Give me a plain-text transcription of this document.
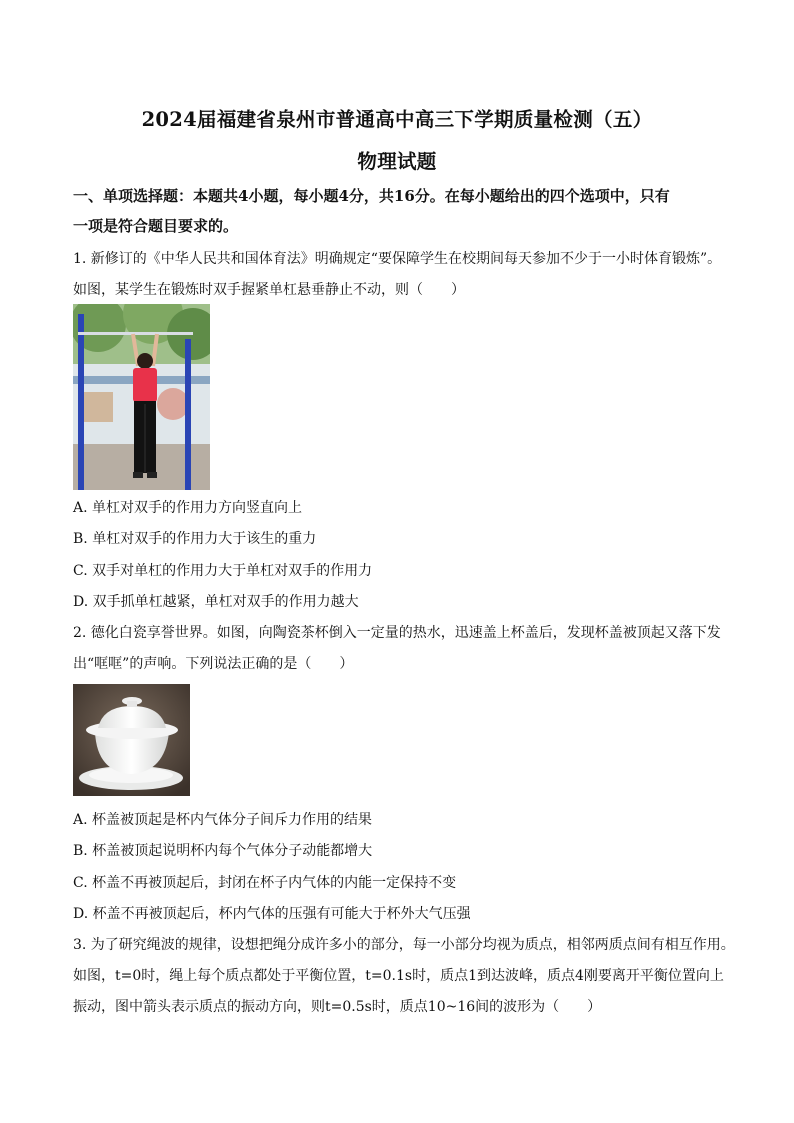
2024届福建省泉州市普通高中高三下学期质量检测（五）
物理试题
一、单项选择题：本题共4小题，每小题4分，共16分。在每小题给出的四个选项中，只有
一项是符合题目要求的。
1. 新修订的《中华人民共和国体育法》明确规定“要保障学生在校期间每天参加不少于一小时体育锻炼”。
如图，某学生在锻炼时双手握紧单杠悬垂静止不动，则（　　）
A. 单杠对双手的作用力方向竖直向上
B. 单杠对双手的作用力大于该生的重力
C. 双手对单杠的作用力大于单杠对双手的作用力
D. 双手抓单杠越紧，单杠对双手的作用力越大
2. 德化白瓷享誉世界。如图，向陶瓷茶杯倒入一定量的热水，迅速盖上杯盖后，发现杯盖被顶起又落下发
出“哐哐”的声响。下列说法正确的是（　　）
A. 杯盖被顶起是杯内气体分子间斥力作用的结果
B. 杯盖被顶起说明杯内每个气体分子动能都增大
C. 杯盖不再被顶起后，封闭在杯子内气体的内能一定保持不变
D. 杯盖不再被顶起后，杯内气体的压强有可能大于杯外大气压强
3. 为了研究绳波的规律，设想把绳分成许多小的部分，每一小部分均视为质点，相邻两质点间有相互作用。
如图，t=0时，绳上每个质点都处于平衡位置，t=0.1s时，质点1到达波峰，质点4刚要离开平衡位置向上
振动，图中箭头表示质点的振动方向，则t=0.5s时，质点10~16间的波形为（　　）
